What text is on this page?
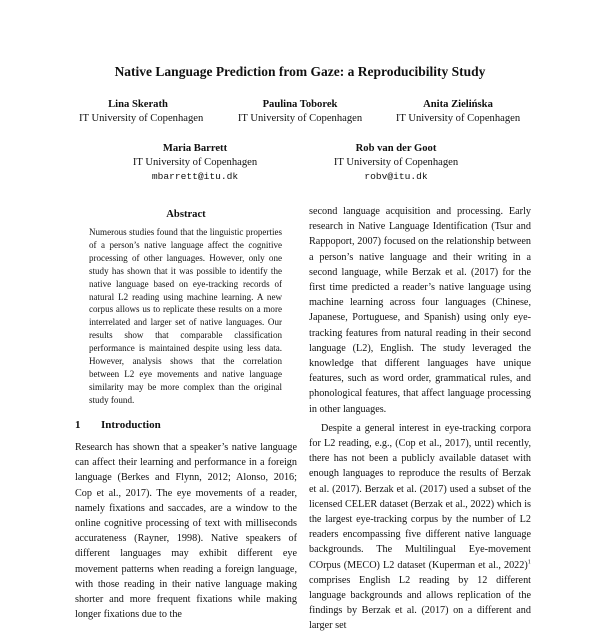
Native Language Prediction from Gaze: a Reproducibility Study
Lina Skerath
IT University of Copenhagen
Paulina Toborek
IT University of Copenhagen
Anita Zielińska
IT University of Copenhagen
Maria Barrett
IT University of Copenhagen
mbarrett@itu.dk
Rob van der Goot
IT University of Copenhagen
robv@itu.dk
Abstract
Numerous studies found that the linguistic properties of a person’s native language affect the cognitive processing of other languages. However, only one study has shown that it was possible to identify the native language based on eye-tracking records of natural L2 reading using machine learning. A new corpus allows us to replicate these results on a more interrelated and larger set of native languages. Our results show that comparable classification performance is maintained despite using less data. However, analysis shows that the correlation between L2 eye movements and native language similarity may be more complex than the original study found.
1 Introduction

Research has shown that a speaker’s native language can affect their learning and performance in a foreign language (Berkes and Flynn, 2012; Alonso, 2016; Cop et al., 2017). The eye movements of a reader, namely fixations and saccades, are a window to the online cognitive processing of text with milliseconds accurateness (Rayner, 1998). Native speakers of different languages may exhibit different eye movement patterns when reading a foreign language, with those reading in their native language making shorter and more frequent fixations while making longer fixations due to the

second language acquisition and processing. Early research in Native Language Identification (Tsur and Rappoport, 2007) focused on the relationship between a person’s native language and their writing in a second language, while Berzak et al. (2017) for the first time predicted a reader’s native language using machine learning across four languages (Chinese, Japanese, Portuguese, and Spanish) using only eye-tracking features from natural reading in their second language (L2), English. The study leveraged the knowledge that different languages have unique features, such as word order, grammatical rules, and phonological features, that affect language processing in other languages.

Despite a general interest in eye-tracking corpora for L2 reading, e.g., (Cop et al., 2017), until recently, there has not been a publicly available dataset with enough languages to reproduce the results of Berzak et al. (2017). Berzak et al. (2017) used a subset of the licensed CELER dataset (Berzak et al., 2022) which is the largest eye-tracking corpus by the number of L2 readers encompassing five different native language backgrounds. The Multilingual Eye-movement COrpus (MECO) L2 dataset (Kuperman et al., 2022)$^1$ comprises English L2 reading by 12 different language backgrounds and allows replication of the findings by Berzak et al. (2017) on a different and larger set
